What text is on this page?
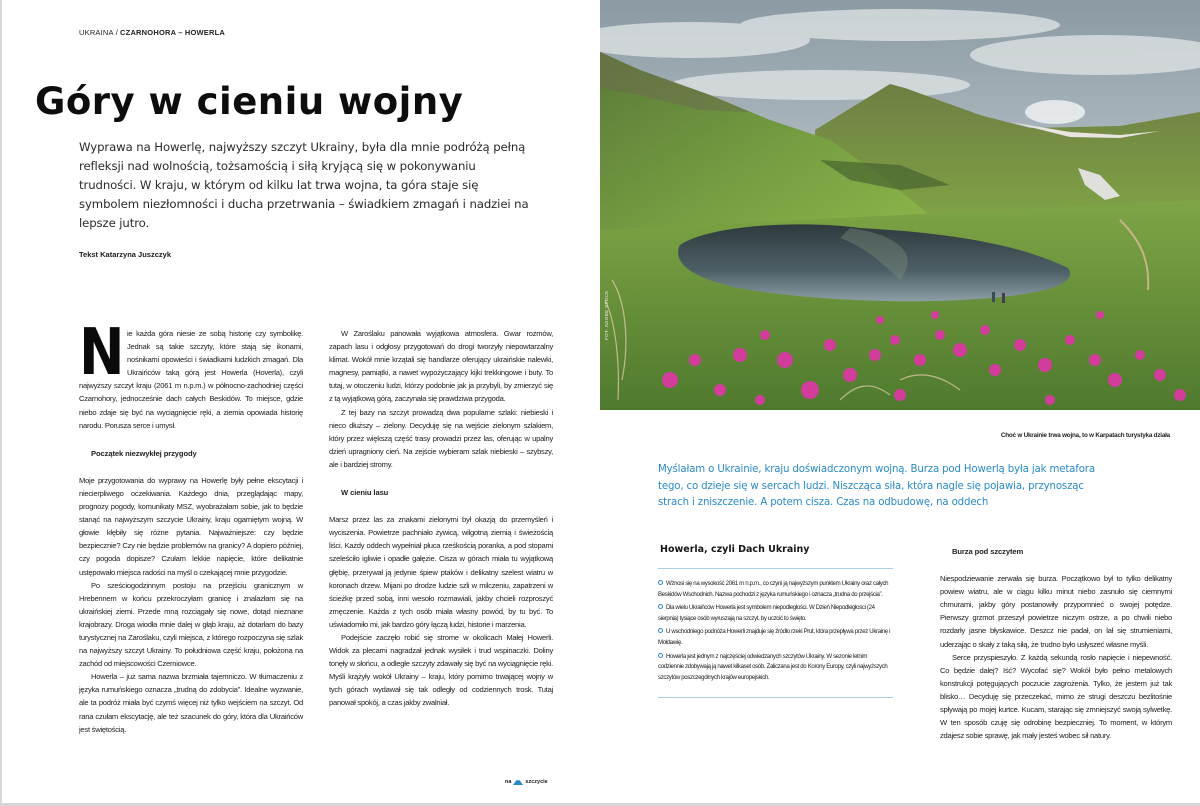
UKRAINA / CZARNOHORA – HOWERLA
Góry w cieniu wojny

Wyprawa na Howerlę, najwyższy szczyt Ukrainy, była dla mnie podróżą pełną refleksji nad wolnością, tożsamością i siłą kryjącą się w pokonywaniu trudności. W kraju, w którym od kilku lat trwa wojna, ta góra staje się symbolem niezłomności i ducha przetrwania – świadkiem zmagań i nadziei na lepsze jutro.

Tekst Katarzyna Juszczyk
N ie każda góra niesie ze sobą historię czy symbolikę. Jednak są takie szczyty, które stają się ikonami, nośnikami opowieści i świadkami ludzkich zmagań. Dla Ukraińców taką górą jest Howerla (Hoverla), czyli najwyższy szczyt kraju (2061 m n.p.m.) w północno-zachodniej części Czarnohory, jednocześnie dach całych Beskidów. To miejsce, gdzie niebo zdaje się być na wyciągnięcie ręki, a ziemia opowiada historię narodu. Porusza serce i umysł.

Początek niezwykłej przygody

Moje przygotowania do wyprawy na Howerlę były pełne ekscytacji i niecierpliwego oczekiwania. Każdego dnia, przeglądając mapy, prognozy pogody, komunikaty MSZ, wyobrażałam sobie, jak to będzie stanąć na najwyższym szczycie Ukrainy, kraju ogarniętym wojną. W głowie kłębiły się różne pytania. Najważniejsze: czy będzie bezpiecznie? Czy nie będzie problemów na granicy? A dopiero później, czy pogoda dopisze? Czułam lekkie napięcie, które delikatnie ustępowało miejsca radości na myśl o czekającej mnie przygodzie.

Po sześciogodzinnym postoju na przejściu granicznym w Hrebennem w końcu przekroczyłam granicę i znalazłam się na ukraińskiej ziemi. Przede mną rozciągały się nowe, dotąd nieznane krajobrazy. Droga wiodła mnie dalej w głąb kraju, aż dotarłam do bazy turystycznej na Zaroślaku, czyli miejsca, z którego rozpoczyna się szlak na najwyższy szczyt Ukrainy. To południowa część kraju, położona na zachód od miejscowości Czerniowce.

Howerla – już sama nazwa brzmiała tajemniczo. W tłumaczeniu z języka rumuńskiego oznacza „trudną do zdobycia”. Idealne wyzwanie, ale ta podróż miała być czymś więcej niż tylko wejściem na szczyt. Od rana czułam ekscytację, ale też szacunek do góry, która dla Ukraińców jest świętością.

W Zaroślaku panowała wyjątkowa atmosfera. Gwar rozmów, zapach lasu i odgłosy przygotowań do drogi tworzyły niepowtarzalny klimat. Wokół mnie krzątali się handlarze oferujący ukraińskie nalewki, magnesy, pamiątki, a nawet wypożyczający kijki trekkingowe i buty. To tutaj, w otoczeniu ludzi, którzy podobnie jak ja przybyli, by zmierzyć się z tą wyjątkową górą, zaczynała się prawdziwa przygoda.

Z tej bazy na szczyt prowadzą dwa popularne szlaki: niebieski i nieco dłuższy – zielony. Decyduję się na wejście zielonym szlakiem, który przez większą część trasy prowadzi przez las, oferując w upalny dzień upragniony cień. Na zejście wybieram szlak niebieski – szybszy, ale i bardziej stromy.

W cieniu lasu

Marsz przez las za znakami zielonymi był okazją do przemyśleń i wyciszenia. Powietrze pachniało żywicą, wilgotną ziemią i świeżością liści. Każdy oddech wypełniał płuca rześkością poranka, a pod stopami szeleściło igliwie i opadłe gałęzie. Cisza w górach miała tu wyjątkową głębię, przerywał ją jedynie śpiew ptaków i delikatny szelest wiatru w koronach drzew. Mijani po drodze ludzie szli w milczeniu, zapatrzeni w ścieżkę przed sobą, inni wesoło rozmawiali, jakby chcieli rozproszyć zmęczenie. Każda z tych osób miała własny powód, by tu być. To uświadomiło mi, jak bardzo góry łączą ludzi, historie i marzenia.

Podejście zaczęło robić się strome w okolicach Małej Howerli. Widok za plecami nagradzał jednak wysiłek i trud wspinaczki. Doliny tonęły w słońcu, a odległe szczyty zdawały się być na wyciągnięcie ręki. Myśli krążyły wokół Ukrainy – kraju, który pomimo trwającej wojny w tych górach wydawał się tak odległy od codziennych trosk. Tutaj panował spokój, a czas jakby zwalniał.

na	szczycie
FOT. ADOBE STOCK
Choć w Ukrainie trwa wojna, to w Karpatach turystyka działa

Myślałam o Ukrainie, kraju doświadczonym wojną. Burza pod Howerlą była jak metafora tego, co dzieje się w sercach ludzi. Niszcząca siła, która nagle się pojawia, przynosząc strach i zniszczenie. A potem cisza. Czas na odbudowę, na oddech

Howerla, czyli Dach Ukrainy
Wznosi się na wysokość 2061 m n.p.m., co czyni ją najwyższym punktem Ukrainy oraz całych Beskidów Wschodnich. Nazwa pochodzi z języka rumuńskiego i oznacza „trudna do przejścia”.
Dla wielu Ukraińców Howerla jest symbolem niepodległości. W Dzień Niepodległości (24 sierpnia) tysiące osób wyruszają na szczyt, by uczcić to święto.
U wschodniego podnóża Howerli znajduje się źródło rzeki Prut, która przepływa przez Ukrainę i Mołdawię.
Howerla jest jednym z najczęściej odwiedzanych szczytów Ukrainy. W sezonie letnim codziennie zdobywają ją nawet kilkaset osób. Zaliczana jest do Korony Europy, czyli najwyższych szczytów poszczególnych krajów europejskich.
Burza pod szczytem

Niespodziewanie zerwała się burza. Początkowo był to tylko delikatny powiew wiatru, ale w ciągu kilku minut niebo zasnuło się ciemnymi chmurami, jakby góry postanowiły przypomnieć o swojej potędze. Pierwszy grzmot przeszył powietrze niczym ostrze, a po chwili niebo rozdarły jasne błyskawice. Deszcz nie padał, on lał się strumieniami, uderzając o skały z taką siłą, że trudno było usłyszeć własne myśli.

Serce przyspieszyło. Z każdą sekundą rosło napięcie i niepewność. Co będzie dalej? Iść? Wycofać się? Wokół było pełno metalowych konstrukcji potęgujących poczucie zagrożenia. Tylko, że jestem już tak blisko… Decyduję się przeczekać, mimo że strugi deszczu bezlitośnie spływają po mojej kurtce. Kucam, starając się zmniejszyć swoją sylwetkę. W ten sposób czuję się odrobinę bezpieczniej. To moment, w którym zdajesz sobie sprawę, jak mały jesteś wobec sił natury.
